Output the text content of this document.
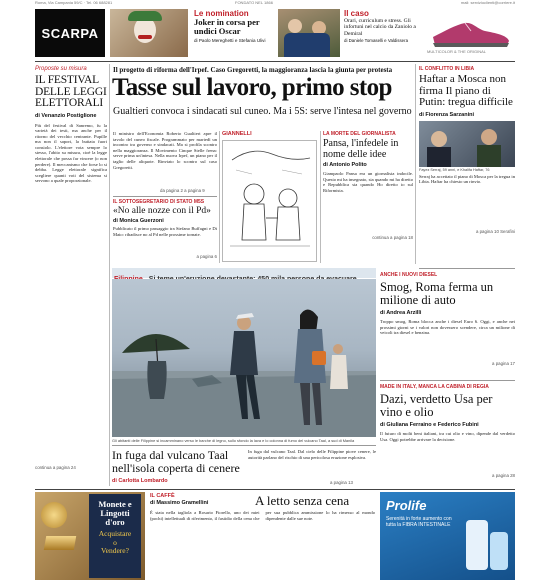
Roma, Via Campania 59/C · Tel. 06 688281	FONDATO NEL 1866	mail: servizioclienti@corriere.it
SCARPA
Le nomination
Joker in corsa per undici Oscar
di Paolo Mereghetti e Stefania Ulivi
Il caso
Orari, curriculum e stress. Gli infortuni nel calcio da Zaniolo a Demiral
di Daniele Tomaselli e Valdissera
MULTICOLOR & THE ORIGINAL
Proposte su misura
IL FESTIVAL DELLE LEGGI ELETTORALI
di Venanzio Postiglione
Più del festival di Sanremo, fu la varietà dei testi, ma anche per il ritorno del vecchio centrante. Pupille ma non il sapori, la buttata fuori consiolo. L'elettore vota sempre lo stesso, l'abito su misura, cioè la legge elettorale che possa far vincere (o non perdere). Il meccanismo che forse lo si debba. Legge elettorale significa scegliere quanti voti del sistema si servono a quale proporzionale.
continua a pagina 24
Il progetto di riforma dell'Irpef. Caso Gregoretti, la maggioranza lascia la giunta per protesta
Tasse sul lavoro, primo stop
Gualtieri convoca i sindacati sul cuneo. Ma i 5S: serve l'intesa nel governo
Il ministro dell'Economia Roberto Gualtieri apre il tavolo del cuneo fiscale. Programmato per martedì un incontro tra governo e sindacati. Ma si profila scontro nella maggioranza. Il Movimento Cinque Stelle frena: serve prima un'intesa. Nella nuova Irpef, un piano per il taglio delle aliquote. Rinviato lo scontro sul caso Gregoretti.
da pagina 2 a pagina 9
IL SOTTOSEGRETARIO DI STATO M5S
«No alle nozze con il Pd»
di Monica Guerzoni
Pubblicato il primo passaggio tra Stefano Buffagni e Di Maio: ribadisce no al Pd nelle prossime tornate.
a pagina 6
GIANNELLI	LA MORTE DEL GIORNALISTA
Pansa, l'infedele in nome delle idee
di Antonio Polito
Giampaolo Pansa era un giornalista indocile. Questo mi ha insegnato, sia quando mi ha diretto e Repubblica sia quando Ho diretto io sul Riformista.
continua a pagina 18
IL CONFLITTO IN LIBIA
Haftar a Mosca non firma Il piano di Putin: tregua difficile
di Fiorenza Sarzanini
Fayez Serraj, 59 anni, e Khalifa Haftar, 76
Serraj ha accettato il piano di Mosca per la tregua in Libia. Haftar ha chiesto un rinvio.
a pagina 10 Serafini
ANCHE I NUOVI DIESEL
Smog, Roma ferma un milione di auto
di Andrea Arzilli
Troppo smog, Roma blocca anche i diesel Euro 6. Oggi, e anche nei prossimi giorni se i valori non dovessero scendere, circa un milione di veicoli tra diesel e benzina.
a pagina 17
MADE IN ITALY, MANCA LA CABINA DI REGIA
Dazi, verdetto Usa per vino e olio
di Giuliana Ferraino e Federico Fubini
Il futuro di molti beni italiani, tra cui olio e vino, dipende dal verdetto Usa. Oggi potrebbe arrivare la decisione.
a pagina 28
Gli abitanti delle Filippine si incamminano verso le barche di legno, sullo sfondo la lava e lo colonna di fumo del vulcano Taal, a sud di Manila
In fuga dal vulcano Taal nell'isola coperta di cenere
di Carlotta Lombardo
In fuga dal vulcano Taal. Dal cielo delle Filippine piove cenere, le autorità parlano del rischio di una pericolosa eruzione esplosiva.
a pagina 13
Monete e
Lingotti
d'oro
Acquistare
o
Vendere?
IL CAFFÈ
di Massimo Gramellini	A letto senza cena
È stata nella tagliola a Rosario Fiorello, uno dei miei (pochi) intellettuali di riferimento, il fastidio della cena che per sua pubblica ammissione lo ha rimesso al mondo dipendente dalle sue note.
Prolife
Serenità in forte aumento con tutta la FIBRA INTESTINALE
